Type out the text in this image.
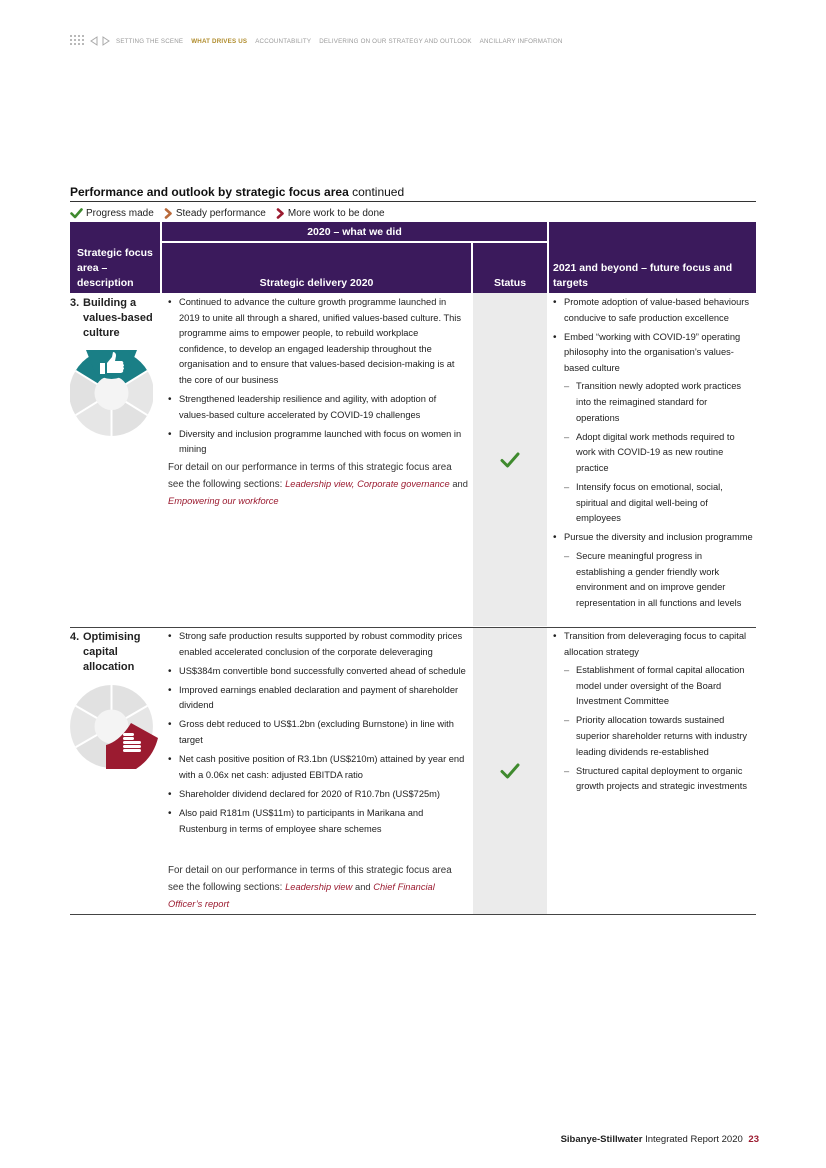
SETTING THE SCENE WHAT DRIVES US ACCOUNTABILITY DELIVERING ON OUR STRATEGY AND OUTLOOK ANCILLARY INFORMATION
Performance and outlook by strategic focus area continued
Progress made Steady performance More work to be done
Strategic focus area – description
2020 – what we did
Strategic delivery 2020	Status
2021 and beyond – future focus and targets
3. Building a
values-based
culture
• Continued to advance the culture growth programme launched in 2019 to unite all through a shared, unified values-based culture. This programme aims to empower people, to rebuild workplace confidence, to develop an engaged leadership throughout the organisation and to ensure that values-based decision-making is at the core of our business
• Strengthened leadership resilience and agility, with adoption of values-based culture accelerated by COVID-19 challenges
• Diversity and inclusion programme launched with focus on women in mining
For detail on our performance in terms of this strategic focus area see the following sections: Leadership view, Corporate governance and Empowering our workforce
• Promote adoption of value-based behaviours conducive to safe production excellence
• Embed “working with COVID-19” operating philosophy into the organisation’s values-based culture
– Transition newly adopted work practices into the reimagined standard for operations
– Adopt digital work methods required to work with COVID-19 as new routine practice
– Intensify focus on emotional, social, spiritual and digital well-being of employees
• Pursue the diversity and inclusion programme
– Secure meaningful progress in establishing a gender friendly work environment and on improve gender representation in all functions and levels
4. Optimising
capital
allocation
• Strong safe production results supported by robust commodity prices enabled accelerated conclusion of the corporate deleveraging
• US$384m convertible bond successfully converted ahead of schedule
• Improved earnings enabled declaration and payment of shareholder dividend
• Gross debt reduced to US$1.2bn (excluding Burnstone) in line with target
• Net cash positive position of R3.1bn (US$210m) attained by year end with a 0.06x net cash: adjusted EBITDA ratio
• Shareholder dividend declared for 2020 of R10.7bn (US$725m)
• Also paid R181m (US$11m) to participants in Marikana and Rustenburg in terms of employee share schemes
For detail on our performance in terms of this strategic focus area see the following sections: Leadership view and Chief Financial Officer’s report
• Transition from deleveraging focus to capital allocation strategy
– Establishment of formal capital allocation model under oversight of the Board Investment Committee
– Priority allocation towards sustained superior shareholder returns with industry leading dividends re-established
– Structured capital deployment to organic growth projects and strategic investments
Sibanye-Stillwater Integrated Report 2020 23
